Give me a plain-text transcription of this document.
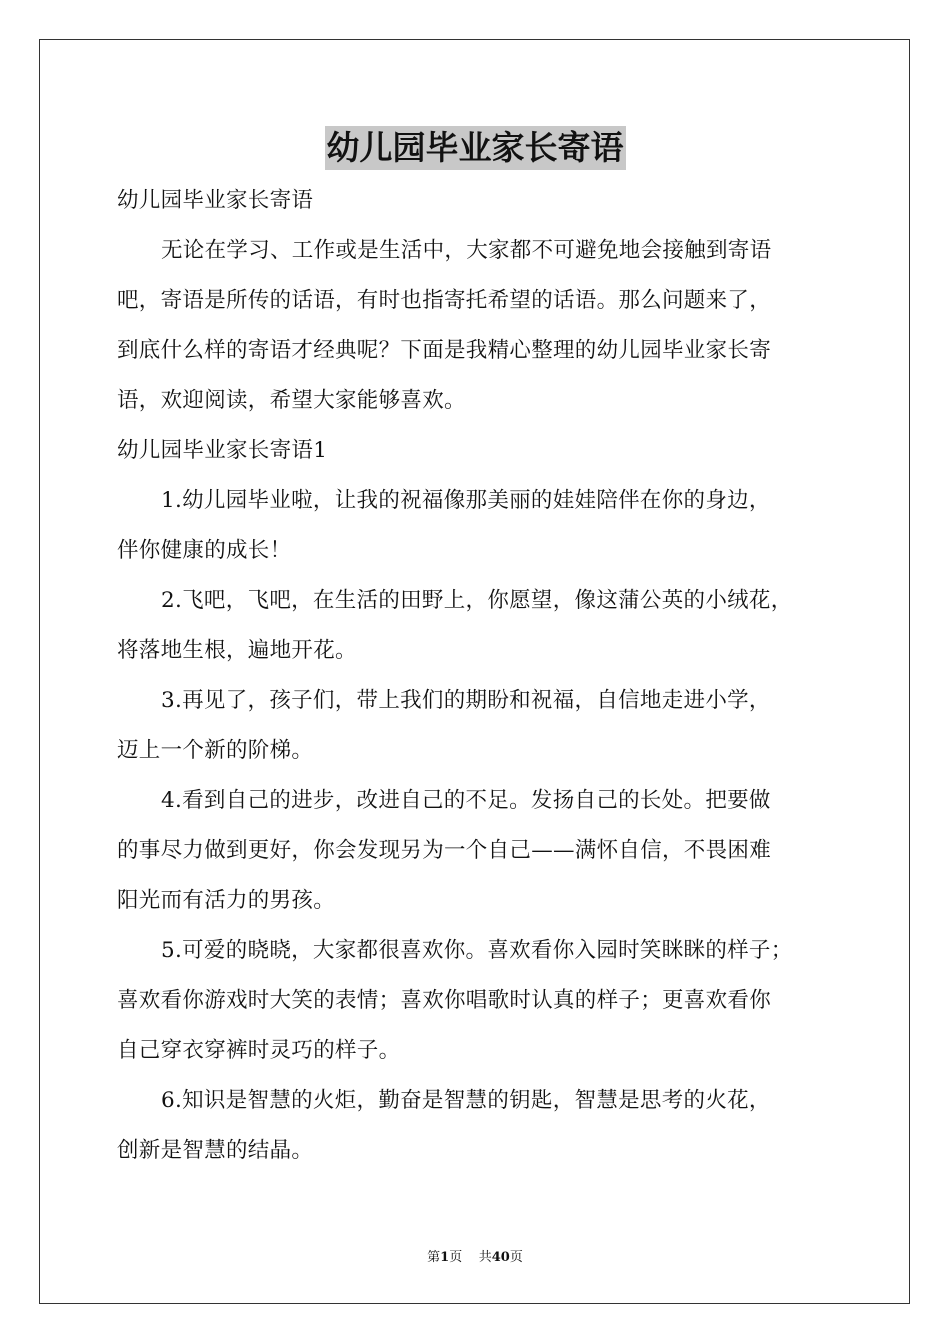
幼儿园毕业家长寄语
幼儿园毕业家长寄语
无论在学习、工作或是生活中，大家都不可避免地会接触到寄语
吧，寄语是所传的话语，有时也指寄托希望的话语。那么问题来了，
到底什么样的寄语才经典呢？下面是我精心整理的幼儿园毕业家长寄
语，欢迎阅读，希望大家能够喜欢。
幼儿园毕业家长寄语1
1.幼儿园毕业啦，让我的祝福像那美丽的娃娃陪伴在你的身边，
伴你健康的成长！
2.飞吧，飞吧，在生活的田野上，你愿望，像这蒲公英的小绒花，
将落地生根，遍地开花。
3.再见了，孩子们，带上我们的期盼和祝福，自信地走进小学，
迈上一个新的阶梯。
4.看到自己的进步，改进自己的不足。发扬自己的长处。把要做
的事尽力做到更好，你会发现另为一个自己——满怀自信，不畏困难
阳光而有活力的男孩。
5.可爱的晓晓，大家都很喜欢你。喜欢看你入园时笑眯眯的样子；
喜欢看你游戏时大笑的表情；喜欢你唱歌时认真的样子；更喜欢看你
自己穿衣穿裤时灵巧的样子。
6.知识是智慧的火炬，勤奋是智慧的钥匙，智慧是思考的火花，
创新是智慧的结晶。
第1页 共40页
